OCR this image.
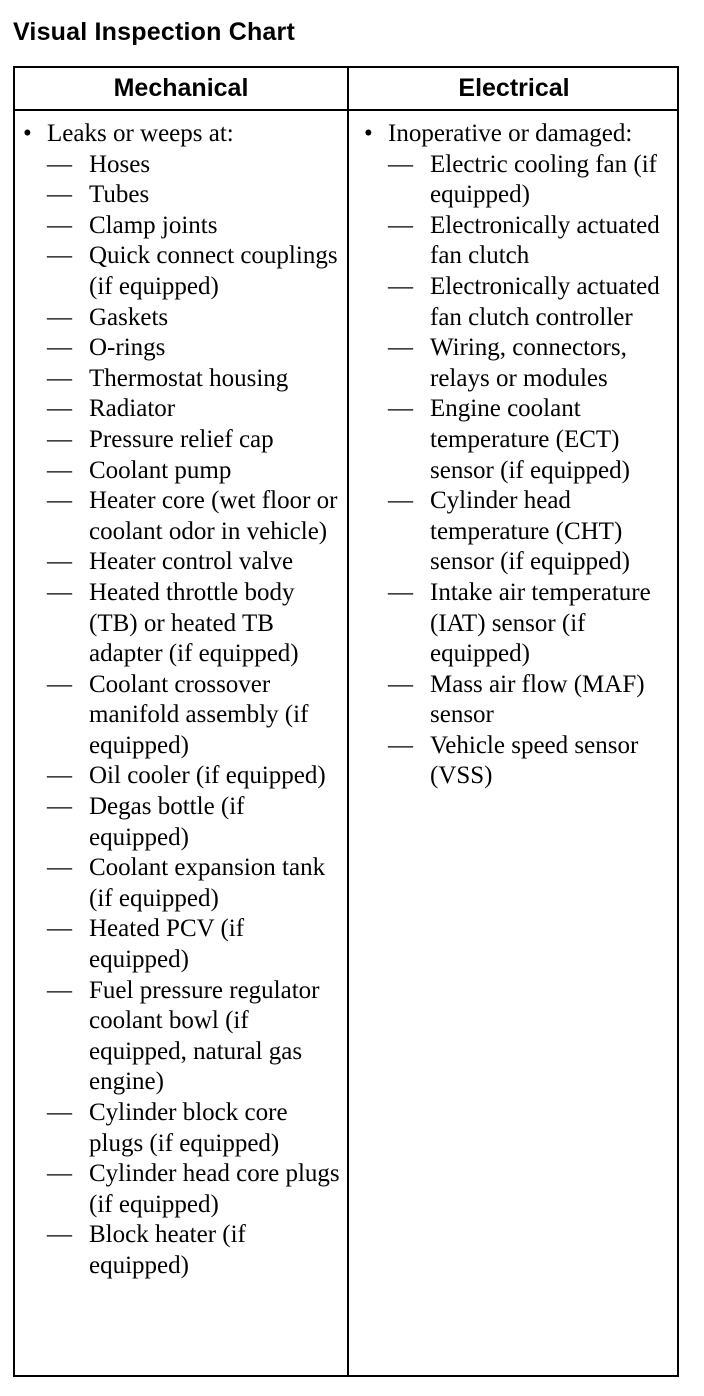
Visual Inspection Chart
Mechanical	Electrical
• Leaks or weeps at:
— Hoses
— Tubes
— Clamp joints
— Quick connect couplings (if equipped)
— Gaskets
— O-rings
— Thermostat housing
— Radiator
— Pressure relief cap
— Coolant pump
— Heater core (wet floor or coolant odor in vehicle)
— Heater control valve
— Heated throttle body (TB) or heated TB adapter (if equipped)
— Coolant crossover manifold assembly (if equipped)
— Oil cooler (if equipped)
— Degas bottle (if equipped)
— Coolant expansion tank (if equipped)
— Heated PCV (if equipped)
— Fuel pressure regulator coolant bowl (if equipped, natural gas engine)
— Cylinder block core plugs (if equipped)
— Cylinder head core plugs (if equipped)
— Block heater (if equipped)
• Inoperative or damaged:
— Electric cooling fan (if equipped)
— Electronically actuated fan clutch
— Electronically actuated fan clutch controller
— Wiring, connectors, relays or modules
— Engine coolant temperature (ECT) sensor (if equipped)
— Cylinder head temperature (CHT) sensor (if equipped)
— Intake air temperature (IAT) sensor (if equipped)
— Mass air flow (MAF) sensor
— Vehicle speed sensor (VSS)
